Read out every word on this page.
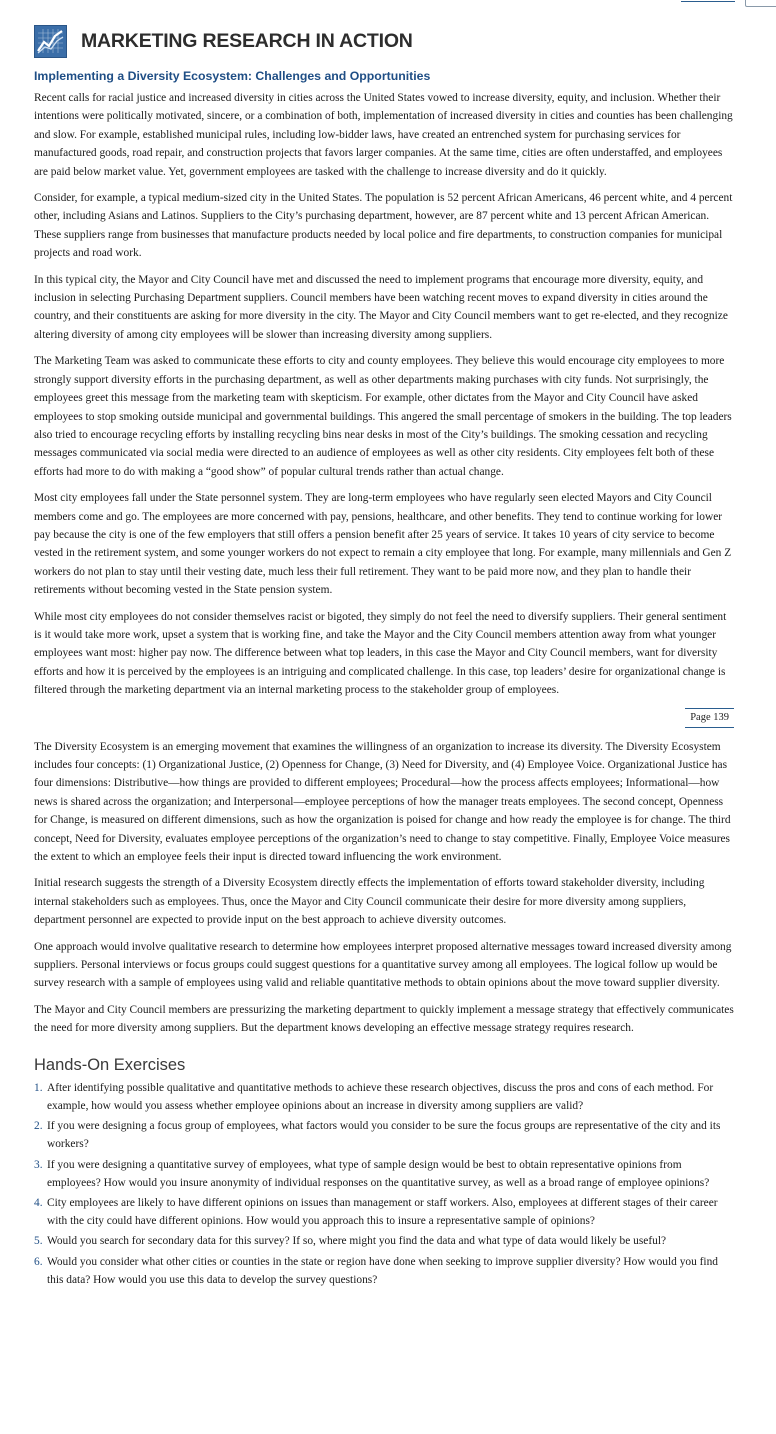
MARKETING RESEARCH IN ACTION
Implementing a Diversity Ecosystem: Challenges and Opportunities

Recent calls for racial justice and increased diversity in cities across the United States vowed to increase diversity, equity, and inclusion. Whether their intentions were politically motivated, sincere, or a combination of both, implementation of increased diversity in cities and counties has been challenging and slow. For example, established municipal rules, including low-bidder laws, have created an entrenched system for purchasing services for manufactured goods, road repair, and construction projects that favors larger companies. At the same time, cities are often understaffed, and employees are paid below market value. Yet, government employees are tasked with the challenge to increase diversity and do it quickly.

Consider, for example, a typical medium-sized city in the United States. The population is 52 percent African Americans, 46 percent white, and 4 percent other, including Asians and Latinos. Suppliers to the City’s purchasing department, however, are 87 percent white and 13 percent African American. These suppliers range from businesses that manufacture products needed by local police and fire departments, to construction companies for municipal projects and road work.

In this typical city, the Mayor and City Council have met and discussed the need to implement programs that encourage more diversity, equity, and inclusion in selecting Purchasing Department suppliers. Council members have been watching recent moves to expand diversity in cities around the country, and their constituents are asking for more diversity in the city. The Mayor and City Council members want to get re-elected, and they recognize altering diversity of among city employees will be slower than increasing diversity among suppliers.

The Marketing Team was asked to communicate these efforts to city and county employees. They believe this would encourage city employees to more strongly support diversity efforts in the purchasing department, as well as other departments making purchases with city funds. Not surprisingly, the employees greet this message from the marketing team with skepticism. For example, other dictates from the Mayor and City Council have asked employees to stop smoking outside municipal and governmental buildings. This angered the small percentage of smokers in the building. The top leaders also tried to encourage recycling efforts by installing recycling bins near desks in most of the City’s buildings. The smoking cessation and recycling messages communicated via social media were directed to an audience of employees as well as other city residents. City employees felt both of these efforts had more to do with making a “good show” of popular cultural trends rather than actual change.

Most city employees fall under the State personnel system. They are long-term employees who have regularly seen elected Mayors and City Council members come and go. The employees are more concerned with pay, pensions, healthcare, and other benefits. They tend to continue working for lower pay because the city is one of the few employers that still offers a pension benefit after 25 years of service. It takes 10 years of city service to become vested in the retirement system, and some younger workers do not expect to remain a city employee that long. For example, many millennials and Gen Z workers do not plan to stay until their vesting date, much less their full retirement. They want to be paid more now, and they plan to handle their retirements without becoming vested in the State pension system.

While most city employees do not consider themselves racist or bigoted, they simply do not feel the need to diversify suppliers. Their general sentiment is it would take more work, upset a system that is working fine, and take the Mayor and the City Council members attention away from what younger employees want most: higher pay now. The difference between what top leaders, in this case the Mayor and City Council members, want for diversity efforts and how it is perceived by the employees is an intriguing and complicated challenge. In this case, top leaders’ desire for organizational change is filtered through the marketing department via an internal marketing process to the stakeholder group of employees.

Page 139

The Diversity Ecosystem is an emerging movement that examines the willingness of an organization to increase its diversity. The Diversity Ecosystem includes four concepts: (1) Organizational Justice, (2) Openness for Change, (3) Need for Diversity, and (4) Employee Voice. Organizational Justice has four dimensions: Distributive—how things are provided to different employees; Procedural—how the process affects employees; Informational—how news is shared across the organization; and Interpersonal—employee perceptions of how the manager treats employees. The second concept, Openness for Change, is measured on different dimensions, such as how the organization is poised for change and how ready the employee is for change. The third concept, Need for Diversity, evaluates employee perceptions of the organization’s need to change to stay competitive. Finally, Employee Voice measures the extent to which an employee feels their input is directed toward influencing the work environment.

Initial research suggests the strength of a Diversity Ecosystem directly effects the implementation of efforts toward stakeholder diversity, including internal stakeholders such as employees. Thus, once the Mayor and City Council communicate their desire for more diversity among suppliers, department personnel are expected to provide input on the best approach to achieve diversity outcomes.

One approach would involve qualitative research to determine how employees interpret proposed alternative messages toward increased diversity among suppliers. Personal interviews or focus groups could suggest questions for a quantitative survey among all employees. The logical follow up would be survey research with a sample of employees using valid and reliable quantitative methods to obtain opinions about the move toward supplier diversity.

The Mayor and City Council members are pressurizing the marketing department to quickly implement a message strategy that effectively communicates the need for more diversity among suppliers. But the department knows developing an effective message strategy requires research.

Hands-On Exercises
1. After identifying possible qualitative and quantitative methods to achieve these research objectives, discuss the pros and cons of each method. For example, how would you assess whether employee opinions about an increase in diversity among suppliers are valid?
2. If you were designing a focus group of employees, what factors would you consider to be sure the focus groups are representative of the city and its workers?
3. If you were designing a quantitative survey of employees, what type of sample design would be best to obtain representative opinions from employees? How would you insure anonymity of individual responses on the quantitative survey, as well as a broad range of employee opinions?
4. City employees are likely to have different opinions on issues than management or staff workers. Also, employees at different stages of their career with the city could have different opinions. How would you approach this to insure a representative sample of opinions?
5. Would you search for secondary data for this survey? If so, where might you find the data and what type of data would likely be useful?
6. Would you consider what other cities or counties in the state or region have done when seeking to improve supplier diversity? How would you find this data? How would you use this data to develop the survey questions?
